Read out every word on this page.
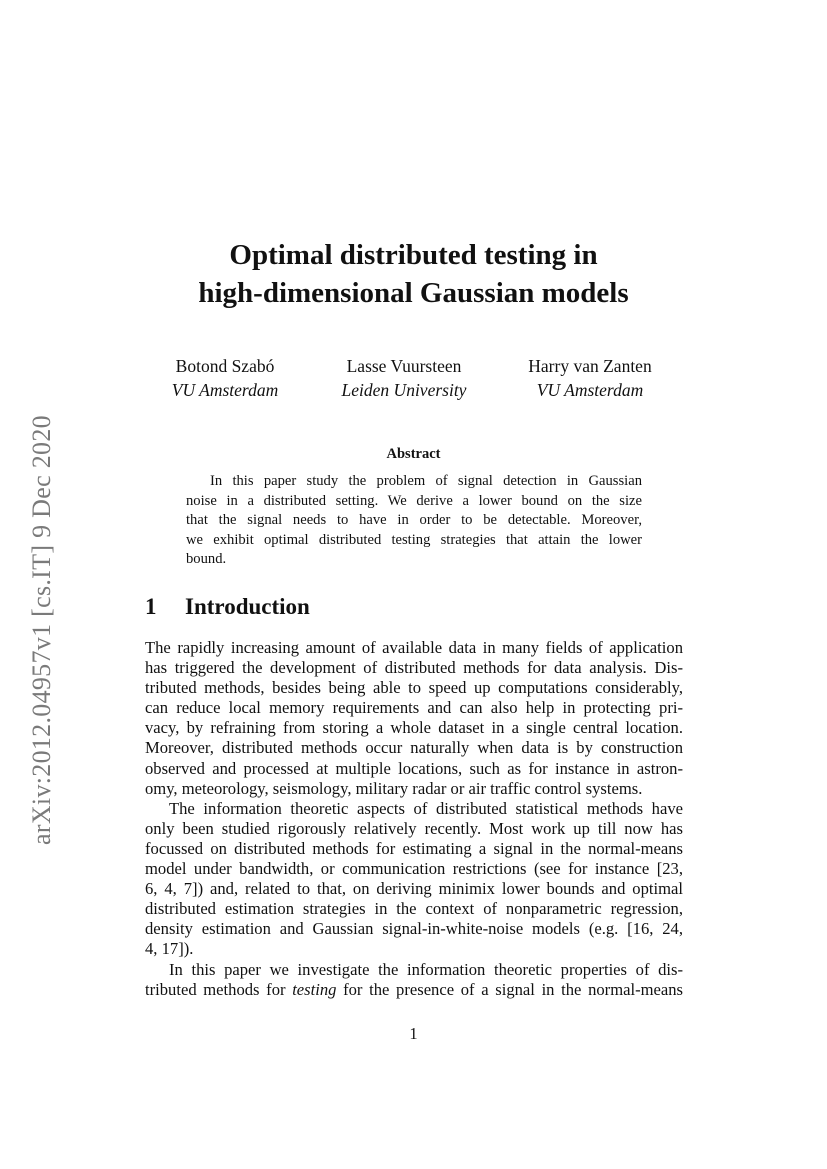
arXiv:2012.04957v1 [cs.IT] 9 Dec 2020
Optimal distributed testing in
high-dimensional Gaussian models
Botond Szabó
VU Amsterdam
Lasse Vuursteen
Leiden University
Harry van Zanten
VU Amsterdam
Abstract
In this paper study the problem of signal detection in Gaussian
noise in a distributed setting. We derive a lower bound on the size
that the signal needs to have in order to be detectable. Moreover,
we exhibit optimal distributed testing strategies that attain the lower
bound.
1 Introduction
The rapidly increasing amount of available data in many fields of application
has triggered the development of distributed methods for data analysis. Dis-
tributed methods, besides being able to speed up computations considerably,
can reduce local memory requirements and can also help in protecting pri-
vacy, by refraining from storing a whole dataset in a single central location.
Moreover, distributed methods occur naturally when data is by construction
observed and processed at multiple locations, such as for instance in astron-
omy, meteorology, seismology, military radar or air traffic control systems.
The information theoretic aspects of distributed statistical methods have
only been studied rigorously relatively recently. Most work up till now has
focussed on distributed methods for estimating a signal in the normal-means
model under bandwidth, or communication restrictions (see for instance [23,
6, 4, 7]) and, related to that, on deriving minimix lower bounds and optimal
distributed estimation strategies in the context of nonparametric regression,
density estimation and Gaussian signal-in-white-noise models (e.g. [16, 24,
4, 17]).
In this paper we investigate the information theoretic properties of dis-
tributed methods for testing for the presence of a signal in the normal-means
1
